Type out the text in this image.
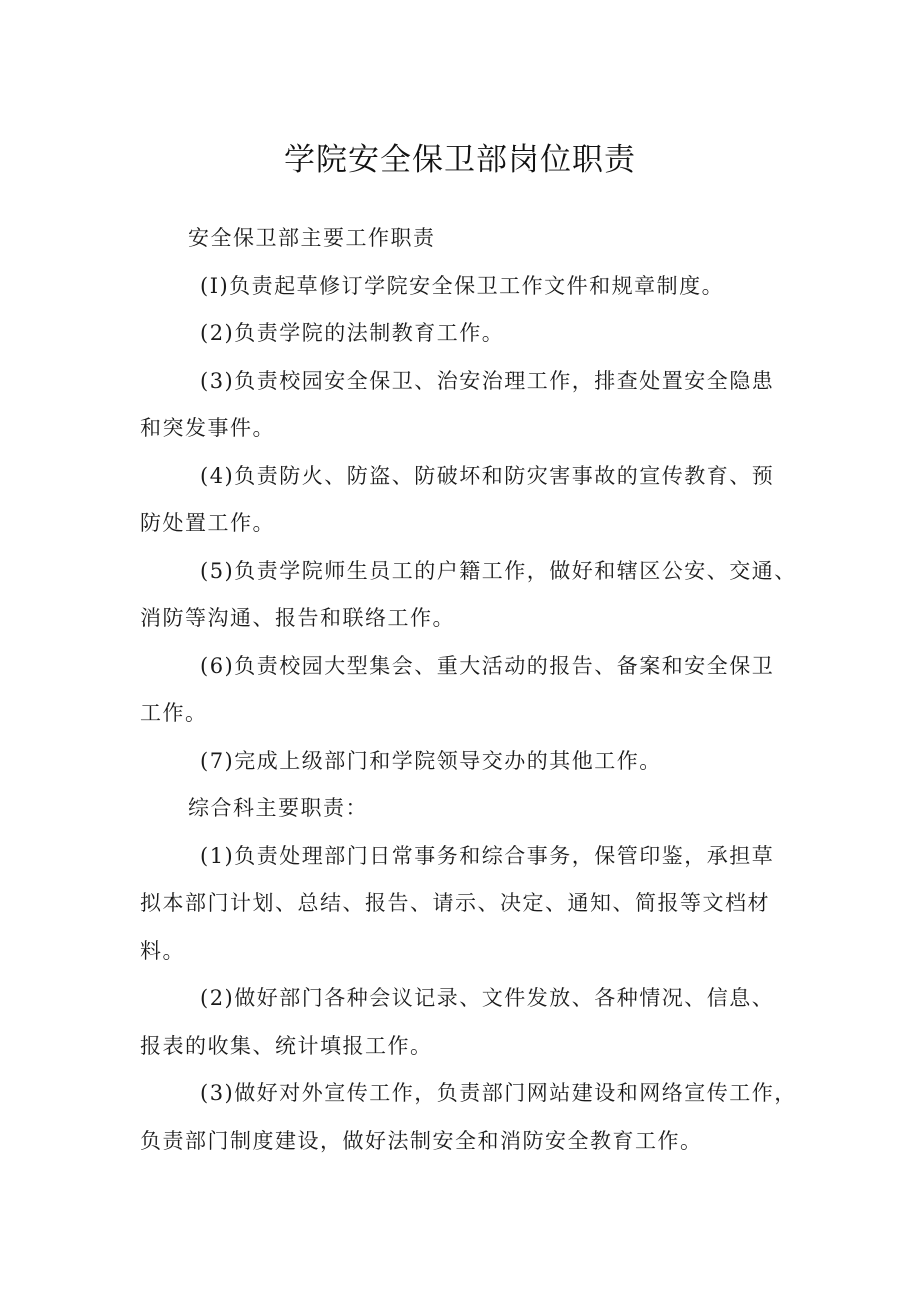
学院安全保卫部岗位职责

安全保卫部主要工作职责

(I)负责起草修订学院安全保卫工作文件和规章制度。

(2)负责学院的法制教育工作。

(3)负责校园安全保卫、治安治理工作，排查处置安全隐患

和突发事件。

(4)负责防火、防盗、防破坏和防灾害事故的宣传教育、预

防处置工作。

(5)负责学院师生员工的户籍工作，做好和辖区公安、交通、

消防等沟通、报告和联络工作。

(6)负责校园大型集会、重大活动的报告、备案和安全保卫

工作。

(7)完成上级部门和学院领导交办的其他工作。

综合科主要职责：

(1)负责处理部门日常事务和综合事务，保管印鉴，承担草

拟本部门计划、总结、报告、请示、决定、通知、简报等文档材

料。

(2)做好部门各种会议记录、文件发放、各种情况、信息、

报表的收集、统计填报工作。

(3)做好对外宣传工作，负责部门网站建设和网络宣传工作，

负责部门制度建设，做好法制安全和消防安全教育工作。
